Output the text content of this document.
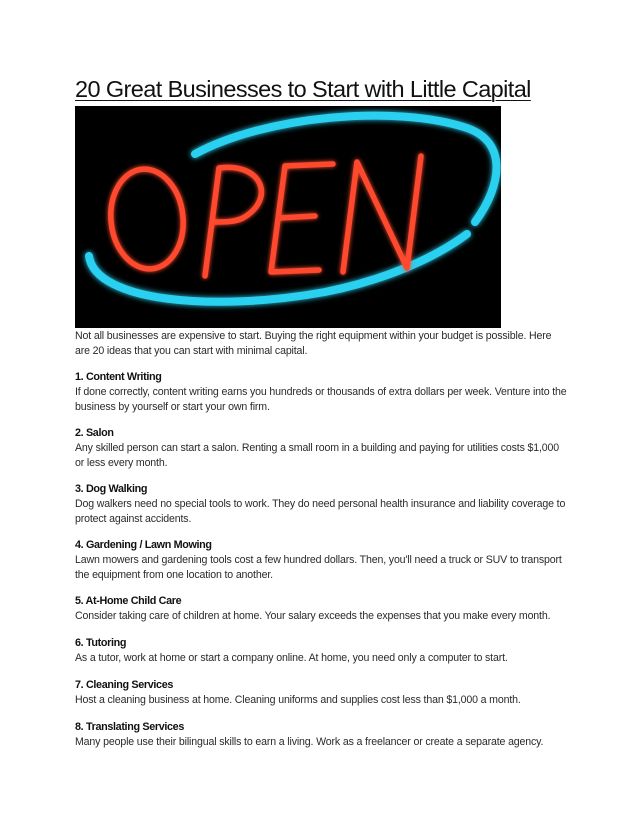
20 Great Businesses to Start with Little Capital

Not all businesses are expensive to start. Buying the right equipment within your budget is possible. Here are 20 ideas that you can start with minimal capital.

1. Content Writing

If done correctly, content writing earns you hundreds or thousands of extra dollars per week. Venture into the business by yourself or start your own firm.

2. Salon

Any skilled person can start a salon. Renting a small room in a building and paying for utilities costs $1,000 or less every month.

3. Dog Walking

Dog walkers need no special tools to work. They do need personal health insurance and liability coverage to protect against accidents.

4. Gardening / Lawn Mowing

Lawn mowers and gardening tools cost a few hundred dollars. Then, you'll need a truck or SUV to transport the equipment from one location to another.

5. At-Home Child Care

Consider taking care of children at home. Your salary exceeds the expenses that you make every month.

6. Tutoring

As a tutor, work at home or start a company online. At home, you need only a computer to start.

7. Cleaning Services

Host a cleaning business at home. Cleaning uniforms and supplies cost less than $1,000 a month.

8. Translating Services

Many people use their bilingual skills to earn a living. Work as a freelancer or create a separate agency.
